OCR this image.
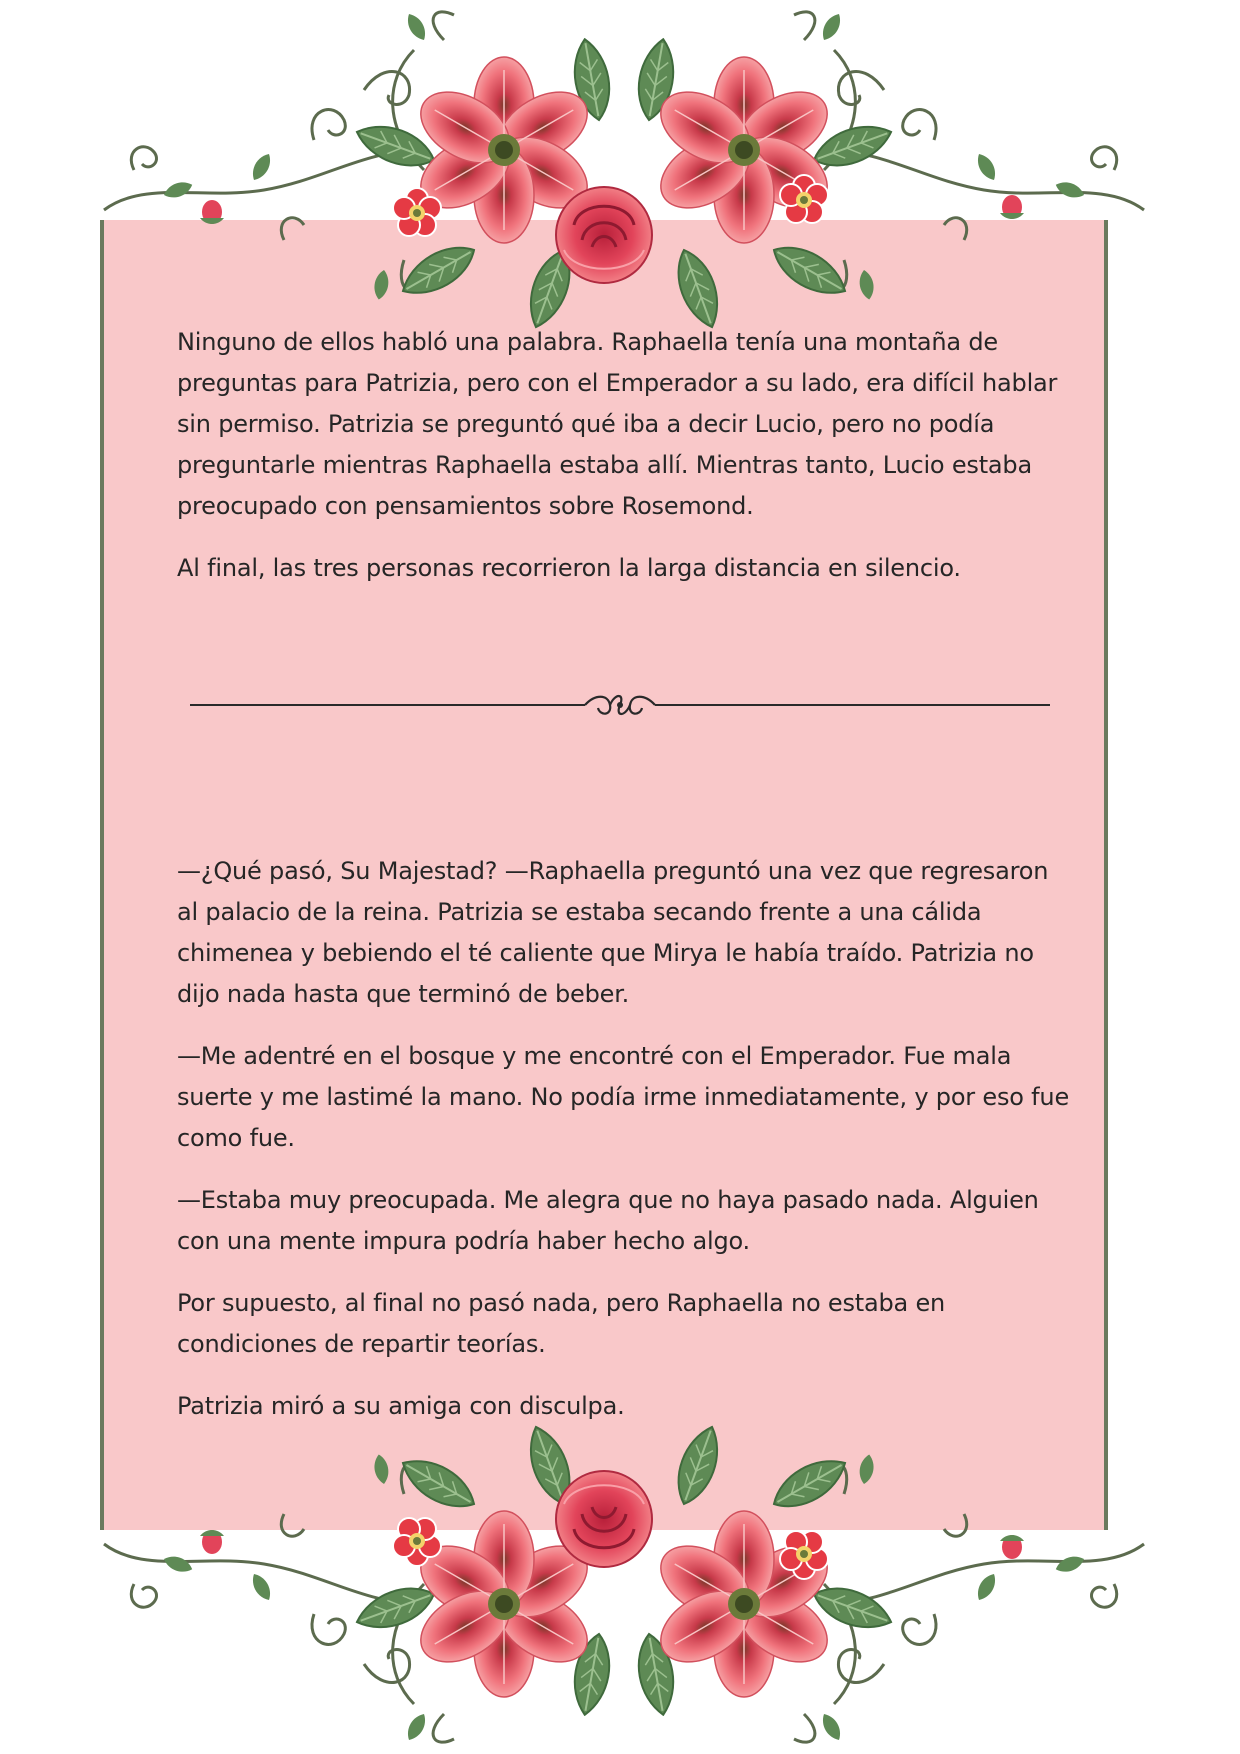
Ninguno de ellos habló una palabra. Raphaella tenía una montaña de preguntas para Patrizia, pero con el Emperador a su lado, era difícil hablar sin permiso. Patrizia se preguntó qué iba a decir Lucio, pero no podía preguntarle mientras Raphaella estaba allí. Mientras tanto, Lucio estaba preocupado con pensamientos sobre Rosemond.

Al final, las tres personas recorrieron la larga distancia en silencio.

—¿Qué pasó, Su Majestad? —Raphaella preguntó una vez que regresaron al palacio de la reina. Patrizia se estaba secando frente a una cálida chimenea y bebiendo el té caliente que Mirya le había traído. Patrizia no dijo nada hasta que terminó de beber.

—Me adentré en el bosque y me encontré con el Emperador. Fue mala suerte y me lastimé la mano. No podía irme inmediatamente, y por eso fue como fue.

—Estaba muy preocupada. Me alegra que no haya pasado nada. Alguien con una mente impura podría haber hecho algo.

Por supuesto, al final no pasó nada, pero Raphaella no estaba en condiciones de repartir teorías.

Patrizia miró a su amiga con disculpa.
